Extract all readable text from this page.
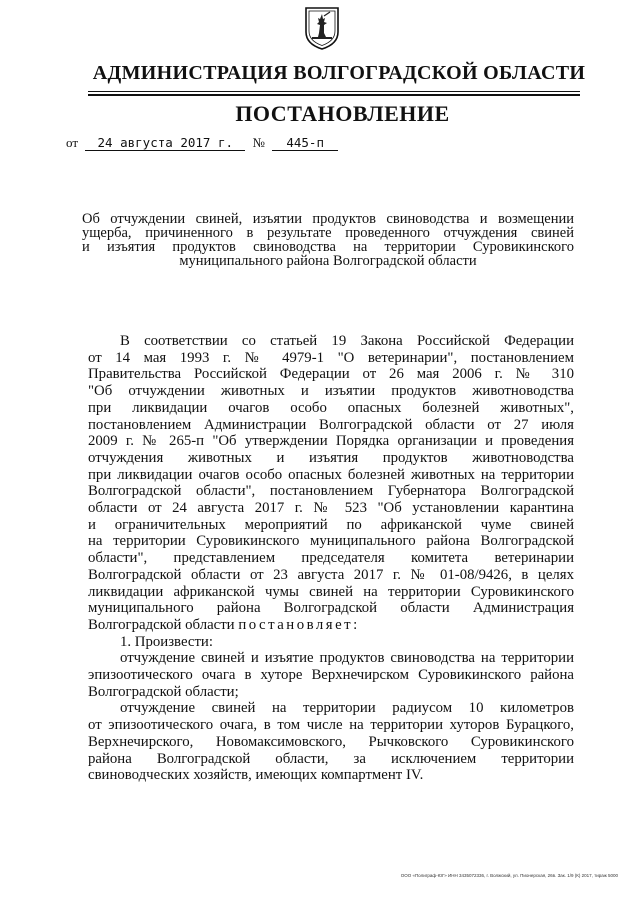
АДМИНИСТРАЦИЯ ВОЛГОГРАДСКОЙ ОБЛАСТИ
ПОСТАНОВЛЕНИЕ
от 24 августа 2017 г. № 445-п
Об отчуждении свиней, изъятии продуктов свиноводства и возмещении
ущерба, причиненного в результате проведенного отчуждения свиней
и изъятия продуктов свиноводства на территории Суровикинского
муниципального района Волгоградской области
В соответствии со статьей 19 Закона Российской Федерации
от 14 мая 1993 г. № 4979-1 "О ветеринарии", постановлением
Правительства Российской Федерации от 26 мая 2006 г. № 310
"Об отчуждении животных и изъятии продуктов животноводства
при ликвидации очагов особо опасных болезней животных",
постановлением Администрации Волгоградской области от 27 июля
2009 г. № 265-п "Об утверждении Порядка организации и проведения
отчуждения животных и изъятия продуктов животноводства
при ликвидации очагов особо опасных болезней животных на территории
Волгоградской области", постановлением Губернатора Волгоградской
области от 24 августа 2017 г. № 523 "Об установлении карантина
и ограничительных мероприятий по африканской чуме свиней
на территории Суровикинского муниципального района Волгоградской
области", представлением председателя комитета ветеринарии
Волгоградской области от 23 августа 2017 г. № 01-08/9426, в целях
ликвидации африканской чумы свиней на территории Суровикинского
муниципального района Волгоградской области Администрация
Волгоградской области постановляет:
1. Произвести:
отчуждение свиней и изъятие продуктов свиноводства на территории
эпизоотического очага в хуторе Верхнечирском Суровикинского района
Волгоградской области;
отчуждение свиней на территории радиусом 10 километров
от эпизоотического очага, в том числе на территории хуторов Бурацкого,
Верхнечирского, Новомаксимовского, Рычковского Суровикинского
района Волгоградской области, за исключением территории
свиноводческих хозяйств, имеющих компартмент IV.
ООО «Полиграф-ЮГ» ИНН 3435072336, г. Волжский, ул. Пионерская, 26в. Зак. 1/9 (К) 2017, тираж 5000
